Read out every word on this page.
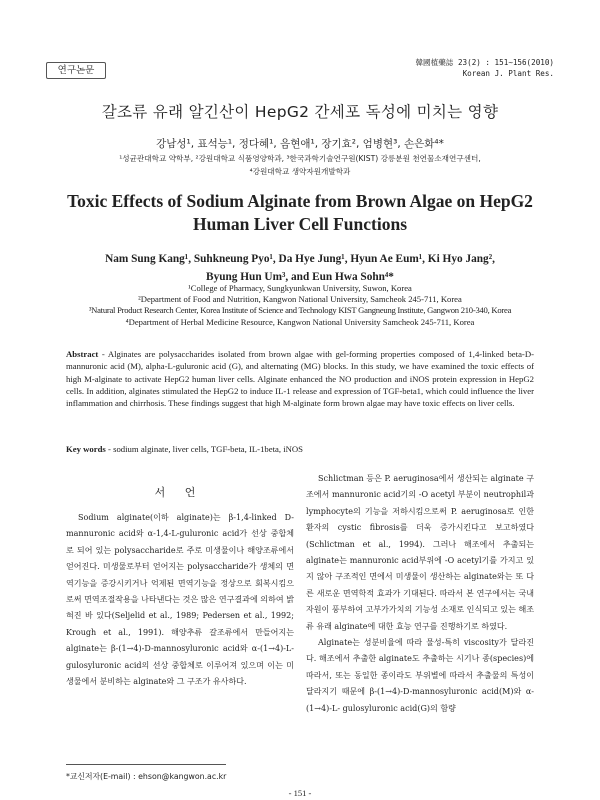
연구논문
韓國植藥誌 23(2) : 151∼156(2010)
Korean J. Plant Res.
갈조류 유래 알긴산이 HepG2 간세포 독성에 미치는 영향
강남성¹, 표석능¹, 정다혜¹, 음현애¹, 장기효², 엄병현³, 손은화⁴*
¹성균관대학교 약학부, ²강원대학교 식품영양학과, ³한국과학기술연구원(KIST) 강릉분원 천연물소재연구센터,
⁴강원대학교 생약자원개발학과
Toxic Effects of Sodium Alginate from Brown Algae on HepG2 Human Liver Cell Functions
Nam Sung Kang¹, Suhkneung Pyo¹, Da Hye Jung¹, Hyun Ae Eum¹, Ki Hyo Jang²,
Byung Hun Um³, and Eun Hwa Sohn⁴*
¹College of Pharmacy, Sungkyunkwan University, Suwon, Korea
²Department of Food and Nutrition, Kangwon National University, Samcheok 245-711, Korea
³Natural Product Research Center, Korea Institute of Science and Technology KIST Gangneung Institute, Gangwon 210-340, Korea
⁴Department of Herbal Medicine Resource, Kangwon National University Samcheok 245-711, Korea
Abstract - Alginates are polysaccharides isolated from brown algae with gel-forming properties composed of 1,4-linked beta-D-mannuronic acid (M), alpha-L-guluronic acid (G), and alternating (MG) blocks. In this study, we have examined the toxic effects of high M-alginate to activate HepG2 human liver cells. Alginate enhanced the NO production and iNOS protein expression in HepG2 cells. In addition, alginates stimulated the HepG2 to induce IL-1 release and expression of TGF-beta1, which could influence the liver inflammation and chirrhosis. These findings suggest that high M-alginate form brown algae may have toxic effects on liver cells.
Key words - sodium alginate, liver cells, TGF-beta, IL-1beta, iNOS
서 언

Sodium alginate(이하 alginate)는 β-1,4-linked D-mannuronic acid와 α-1,4-L-guluronic acid가 선상 중합체로 되어 있는 polysaccharide로 주로 미생물이나 해양조류에서 얻어진다. 미생물로부터 얻어지는 polysaccharide가 생체의 면역기능을 증강시키거나 억제된 면역기능을 정상으로 회복시킴으로써 면역조절작용을 나타낸다는 것은 많은 연구결과에 의하여 밝혀진 바 있다(Seljelid et al., 1989; Pedersen et al., 1992; Krough et al., 1991). 해양추류 갈조류에서 만들어지는 alginate는 β-(1→4)-D-mannosyluronic acid와 α-(1→4)-L-gulosyluronic acid의 선상 중합체로 이루어져 있으며 이는 미생물에서 분비하는 alginate와 그 구조가 유사하다.

Schlictman 등은 P. aeruginosa에서 생산되는 alginate 구조에서 mannuronic acid기의 -O acetyl 부분이 neutrophil과 lymphocyte의 기능을 저하시킴으로써 P. aeruginosa로 인한 환자의 cystic fibrosis를 더욱 증가시킨다고 보고하였다(Schlictman et al., 1994). 그러나 해조에서 추출되는 alginate는 mannuronic acid부위에 -O acetyl기를 가지고 있지 않아 구조적인 면에서 미생물이 생산하는 alginate와는 또 다른 새로운 면역학적 효과가 기대된다. 따라서 본 연구에서는 국내 자원이 풍부하여 고부가가치의 기능성 소재로 인식되고 있는 해조류 유래 alginate에 대한 효능 연구를 진행하기로 하였다.

Alginate는 성분비율에 따라 물성-특히 viscosity가 달라진다. 해조에서 추출한 alginate도 추출하는 시기나 종(species)에 따라서, 또는 동일한 종이라도 부위별에 따라서 추출물의 특성이 달라지기 때문에 β-(1→4)-D-mannosyluronic acid(M)와 α-(1→4)-L- gulosyluronic acid(G)의 함량

*교신저자(E-mail) : ehson@kangwon.ac.kr
- 151 -
